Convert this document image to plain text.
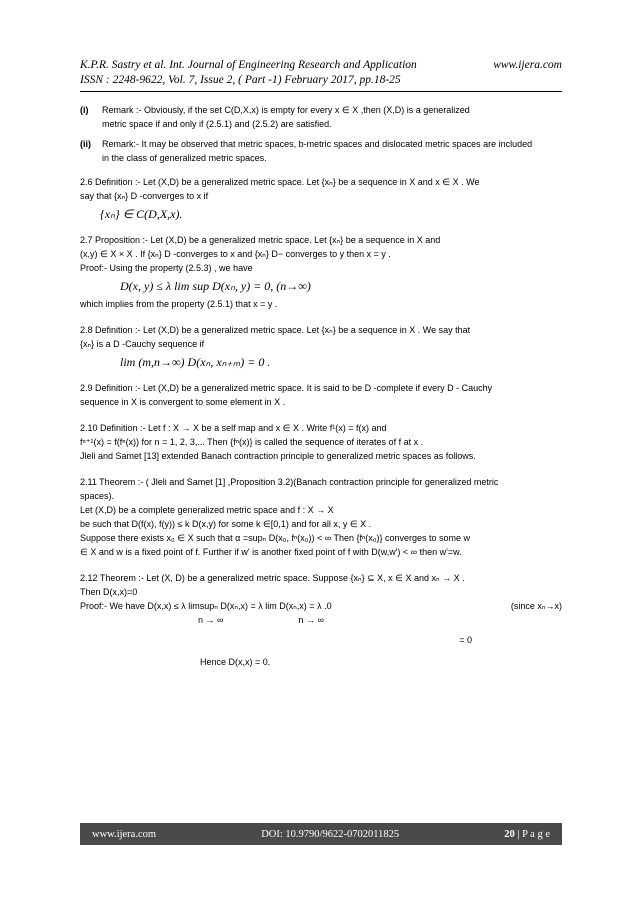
K.P.R. Sastry et al. Int. Journal of Engineering Research and Application	www.ijera.com
ISSN : 2248-9622, Vol. 7, Issue 2, ( Part -1) February 2017, pp.18-25
(i)	Remark :- Obviously, if the set C(D,X,x) is empty for every x ∈ X ,then (X,D) is a generalized
metric space if and only if (2.5.1) and (2.5.2) are satisfied.
(ii)	Remark:- It may be observed that metric spaces, b-metric spaces and dislocated metric spaces are included
in the class of generalized metric spaces.
2.6 Definition :- Let (X,D) be a generalized metric space. Let {xₙ} be a sequence in X and x ∈ X . We
say that {xₙ} D -converges to x if
{xₙ} ∈ C(D,X,x).
2.7 Proposition :- Let (X,D) be a generalized metric space. Let {xₙ} be a sequence in X and
(x,y) ∈ X × X . If {xₙ} D -converges to x and {xₙ} D− converges to y then x = y .
Proof:- Using the property (2.5.3) , we have
D(x, y) ≤ λ lim sup D(xₙ, y) = 0, (n→∞)
which implies from the property (2.5.1) that x = y .
2.8 Definition :- Let (X,D) be a generalized metric space. Let {xₙ} be a sequence in X . We say that
{xₙ} is a D -Cauchy sequence if
lim (m,n→∞) D(xₙ, xₙ₊ₘ) = 0 .
2.9 Definition :- Let (X,D) be a generalized metric space. It is said to be D -complete if every D - Cauchy
sequence in X is convergent to some element in X .
2.10 Definition :- Let f : X → X be a self map and x ∈ X . Write f¹(x) = f(x) and
fⁿ⁺¹(x) = f(fⁿ(x)) for n = 1, 2, 3,... Then {fⁿ(x)} is called the sequence of iterates of f at x .
Jleli and Samet [13] extended Banach contraction principle to generalized metric spaces as follows.
2.11 Theorem :- ( Jleli and Samet [1] ,Proposition 3.2)(Banach contraction principle for generalized metric
spaces).
Let (X,D) be a complete generalized metric space and f : X → X
be such that D(f(x), f(y)) ≤ k D(x,y) for some k ∈[0,1) and for all x, y ∈ X .
Suppose there exists x₀ ∈ X such that α =supₙ D(x₀, fⁿ(x₀)) < ∞ Then {fⁿ(x₀)} converges to some w
∈ X and w is a fixed point of f. Further if w' is another fixed point of f with D(w,w') < ∞ then w'=w.
2.12 Theorem :- Let (X, D) be a generalized metric space. Suppose {xₙ} ⊆ X, x ∈ X and xₙ → X .
Then D(x,x)=0
Proof:- We have D(x,x) ≤ λ limsupₙ D(xₙ,x) = λ lim D(xₙ,x) = λ .0	(since xₙ→x)
n → ∞                              n → ∞
= 0
Hence D(x,x) = 0.
www.ijera.com	DOI: 10.9790/9622-0702011825	20 | P a g e
